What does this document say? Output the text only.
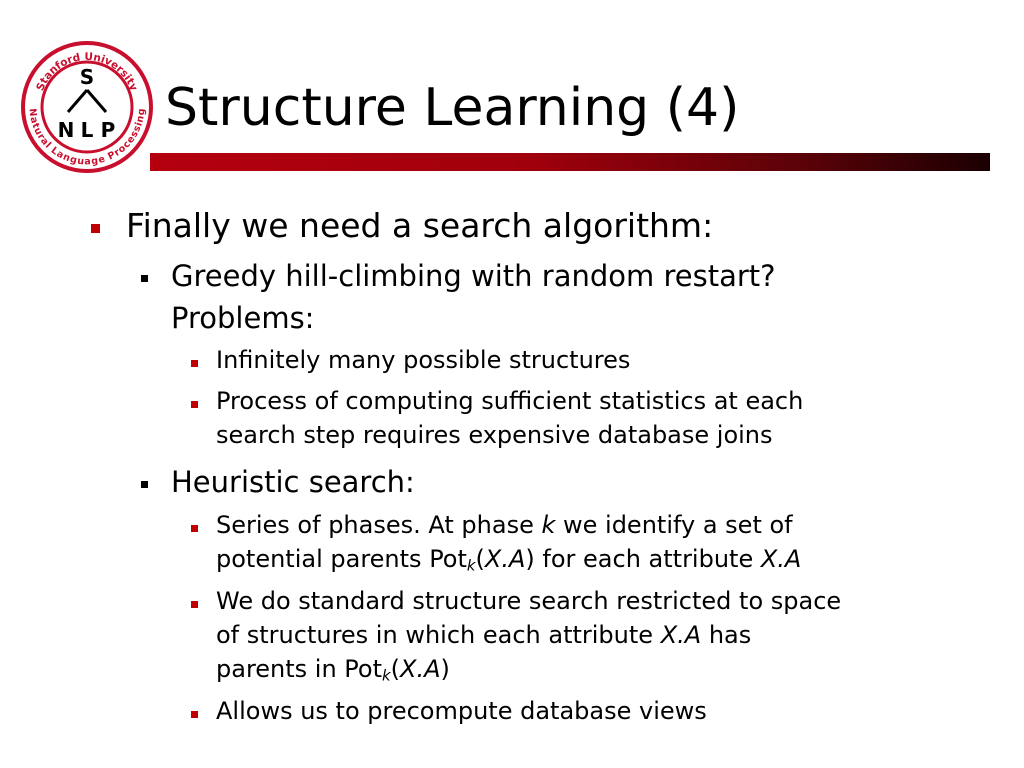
Stanford University
Natural Language Processing
S
N L P Structure Learning (4)
Finally we need a search algorithm:
Greedy hill-climbing with random restart?
Problems:
Infinitely many possible structures
Process of computing sufficient statistics at each
search step requires expensive database joins
Heuristic search:
Series of phases. At phase k we identify a set of
potential parents Pot$_k$(X.A) for each attribute X.A
We do standard structure search restricted to space
of structures in which each attribute X.A has
parents in Pot$_k$(X.A)
Allows us to precompute database views
